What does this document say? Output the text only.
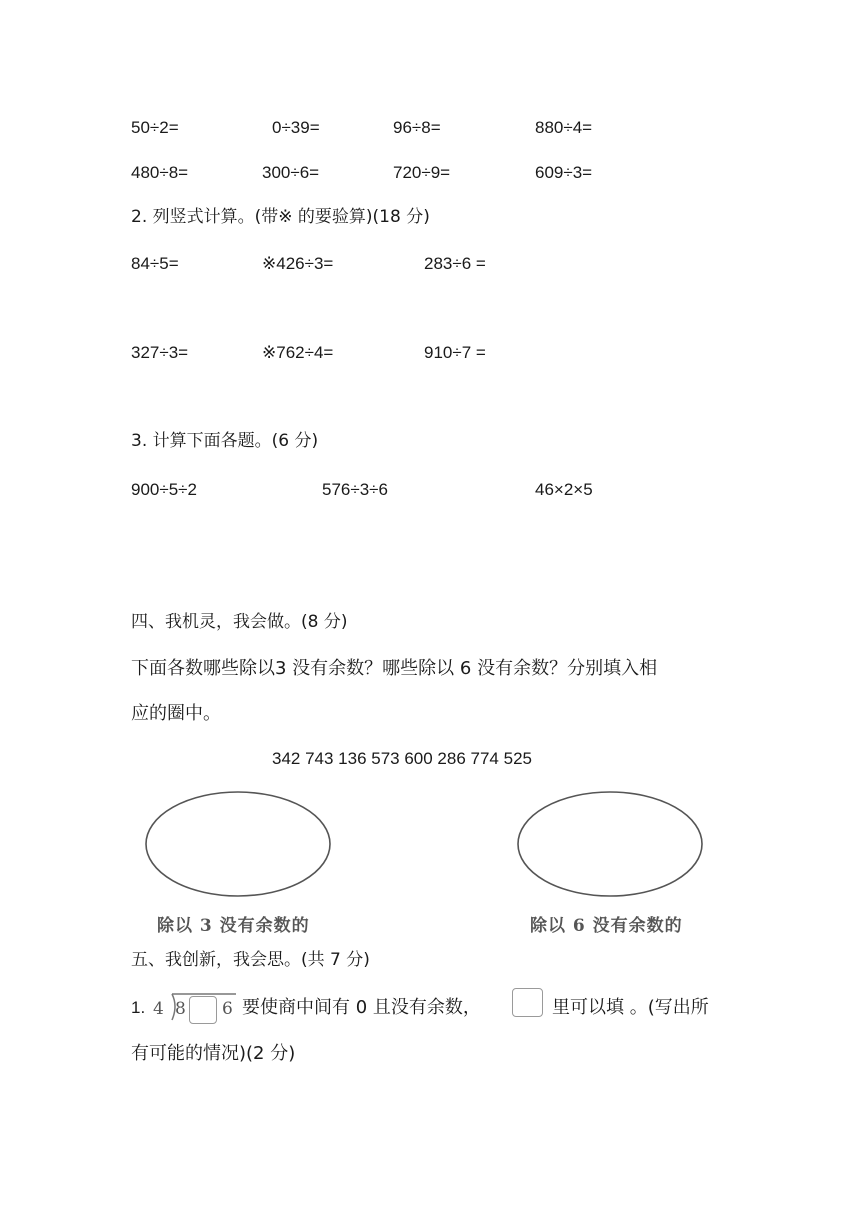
50÷2=	0÷39=	96÷8=	880÷4=
480÷8=	300÷6=	720÷9=	609÷3=
2. 列竖式计算。(带※ 的要验算)(18 分)
84÷5=	※426÷3=	283÷6 =
327÷3=	※762÷4=	910÷7 =
3. 计算下面各题。(6 分)
900÷5÷2	576÷3÷6	46×2×5
四、我机灵，我会做。(8 分)
下面各数哪些除以3 没有余数？哪些除以 6 没有余数？分别填入相
应的圈中。
342 743 136 573 600 286 774 525
除以 3 没有余数的	除以 6 没有余数的
五、我创新，我会思。(共 7 分)
1. 4 8 6 要使商中间有 0 且没有余数，	里可以填 。(写出所
有可能的情况)(2 分)
